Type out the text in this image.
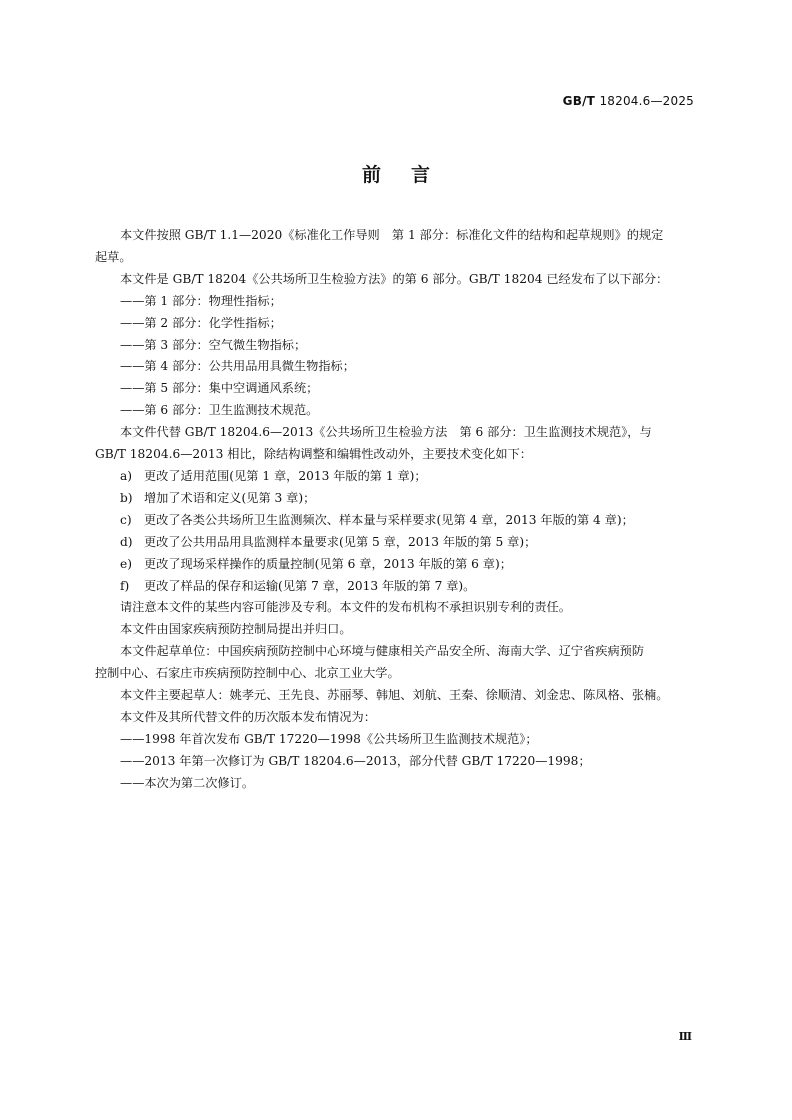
GB/T 18204.6—2025
前言

本文件按照 GB/T 1.1—2020《标准化工作导则　第 1 部分：标准化文件的结构和起草规则》的规定

起草。

本文件是 GB/T 18204《公共场所卫生检验方法》的第 6 部分。GB/T 18204 已经发布了以下部分：

——第 1 部分：物理性指标；

——第 2 部分：化学性指标；

——第 3 部分：空气微生物指标；

——第 4 部分：公共用品用具微生物指标；

——第 5 部分：集中空调通风系统；

——第 6 部分：卫生监测技术规范。

本文件代替 GB/T 18204.6—2013《公共场所卫生检验方法　第 6 部分：卫生监测技术规范》，与

GB/T 18204.6—2013 相比，除结构调整和编辑性改动外，主要技术变化如下：

a) 更改了适用范围(见第 1 章，2013 年版的第 1 章)；

b) 增加了术语和定义(见第 3 章)；

c) 更改了各类公共场所卫生监测频次、样本量与采样要求(见第 4 章，2013 年版的第 4 章)；

d) 更改了公共用品用具监测样本量要求(见第 5 章，2013 年版的第 5 章)；

e) 更改了现场采样操作的质量控制(见第 6 章，2013 年版的第 6 章)；

f) 更改了样品的保存和运输(见第 7 章，2013 年版的第 7 章)。

请注意本文件的某些内容可能涉及专利。本文件的发布机构不承担识别专利的责任。

本文件由国家疾病预防控制局提出并归口。

本文件起草单位：中国疾病预防控制中心环境与健康相关产品安全所、海南大学、辽宁省疾病预防

控制中心、石家庄市疾病预防控制中心、北京工业大学。

本文件主要起草人：姚孝元、王先良、苏丽琴、韩旭、刘航、王秦、徐顺清、刘金忠、陈凤格、张楠。

本文件及其所代替文件的历次版本发布情况为：

——1998 年首次发布 GB/T 17220—1998《公共场所卫生监测技术规范》；

——2013 年第一次修订为 GB/T 18204.6—2013，部分代替 GB/T 17220—1998；

——本次为第二次修订。

Ⅲ
